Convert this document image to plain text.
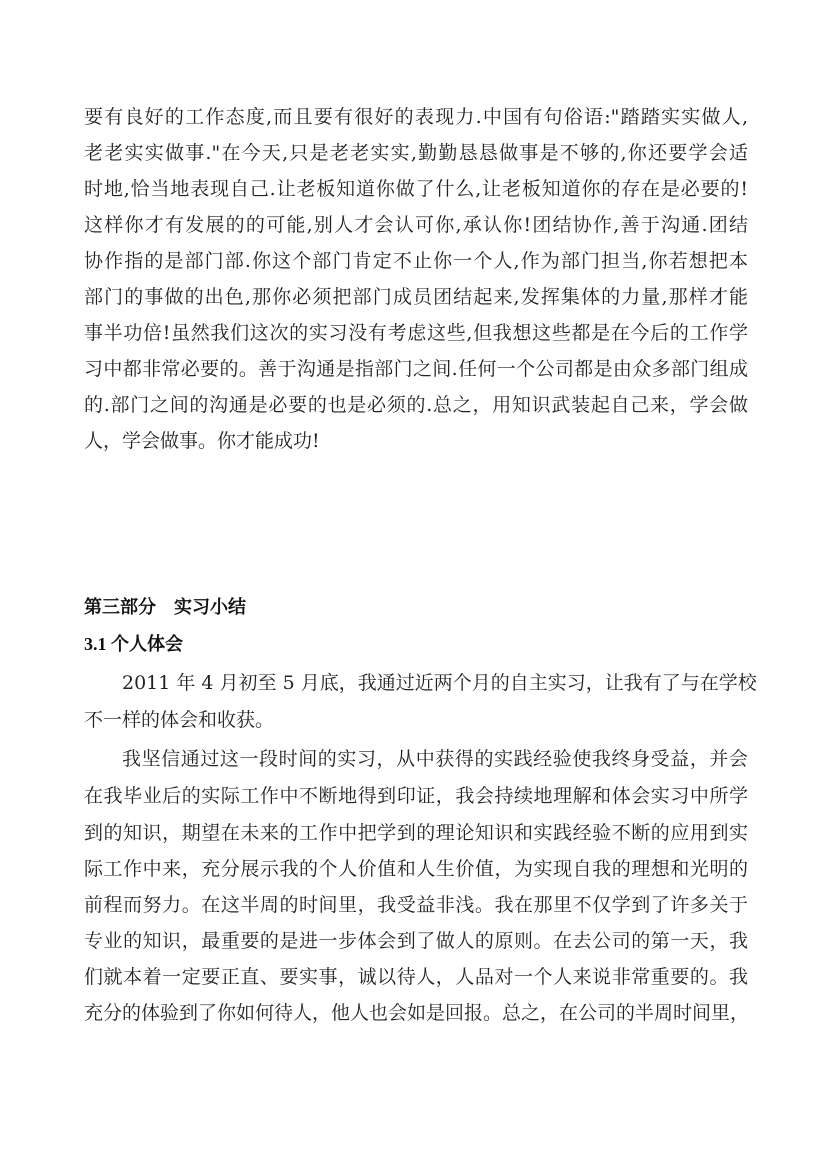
要有良好的工作态度,而且要有很好的表现力.中国有句俗语:"踏踏实实做人,
老老实实做事."在今天,只是老老实实,勤勤恳恳做事是不够的,你还要学会适
时地,恰当地表现自己.让老板知道你做了什么,让老板知道你的存在是必要的!
这样你才有发展的的可能,别人才会认可你,承认你!团结协作,善于沟通.团结
协作指的是部门部.你这个部门肯定不止你一个人,作为部门担当,你若想把本
部门的事做的出色,那你必须把部门成员团结起来,发挥集体的力量,那样才能
事半功倍!虽然我们这次的实习没有考虑这些,但我想这些都是在今后的工作学
习中都非常必要的。善于沟通是指部门之间.任何一个公司都是由众多部门组成
的.部门之间的沟通是必要的也是必须的.总之，用知识武装起自己来，学会做
人，学会做事。你才能成功!
第三部分　实习小结
3.1 个人体会
2011 年 4 月初至 5 月底，我通过近两个月的自主实习，让我有了与在学校
不一样的体会和收获。
我坚信通过这一段时间的实习，从中获得的实践经验使我终身受益，并会
在我毕业后的实际工作中不断地得到印证，我会持续地理解和体会实习中所学
到的知识，期望在未来的工作中把学到的理论知识和实践经验不断的应用到实
际工作中来，充分展示我的个人价值和人生价值，为实现自我的理想和光明的
前程而努力。在这半周的时间里，我受益非浅。我在那里不仅学到了许多关于
专业的知识，最重要的是进一步体会到了做人的原则。在去公司的第一天，我
们就本着一定要正直、要实事，诚以待人，人品对一个人来说非常重要的。我
充分的体验到了你如何待人，他人也会如是回报。总之，在公司的半周时间里，
